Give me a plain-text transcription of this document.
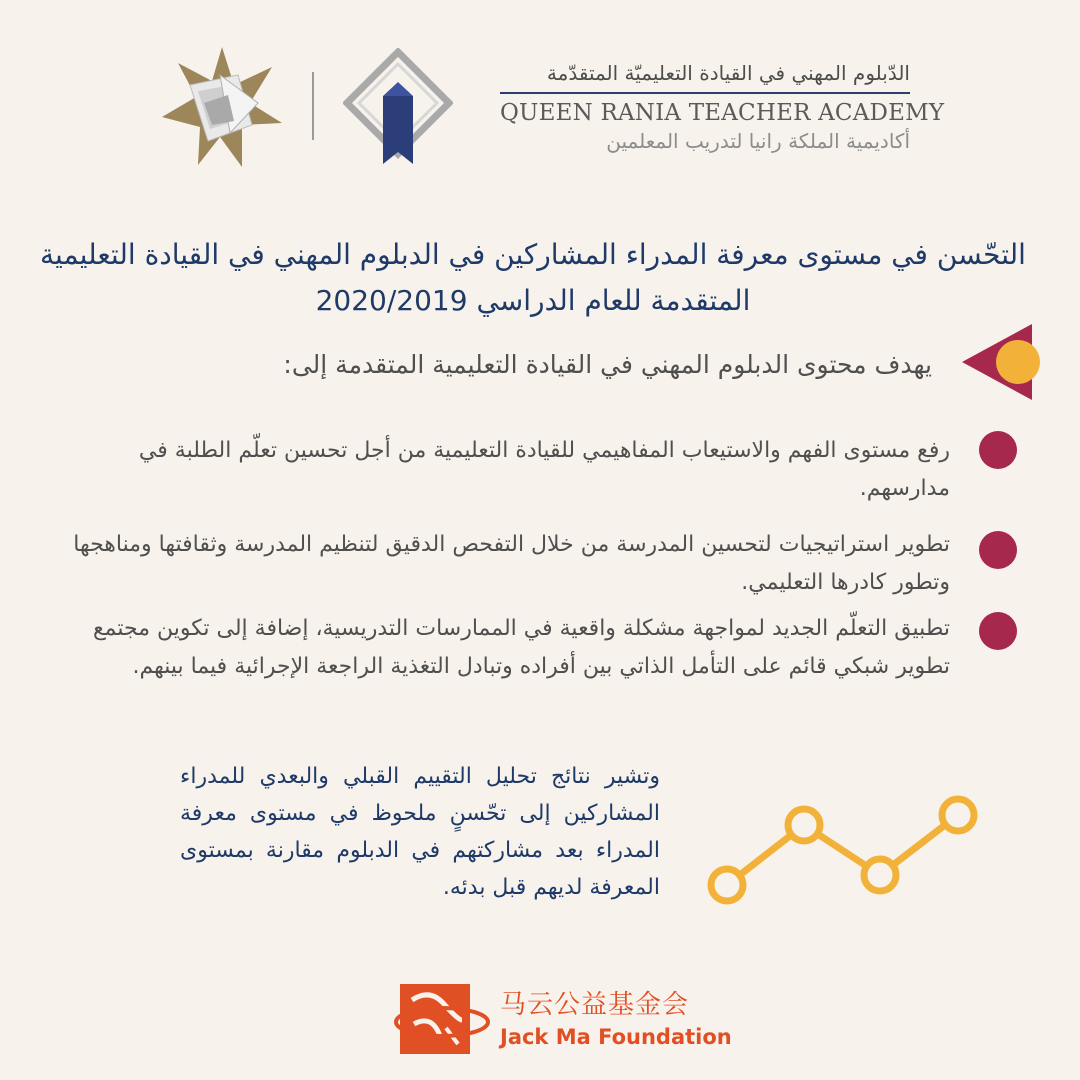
الدّبلوم المهني في القيادة التعليميّة المتقدّمة
QUEEN RANIA TEACHER ACADEMY
أكاديمية الملكة رانيا لتدريب المعلمين
التحّسن في مستوى معرفة المدراء المشاركين في الدبلوم المهني في القيادة التعليمية المتقدمة للعام الدراسي 2020/2019
يهدف محتوى الدبلوم المهني في القيادة التعليمية المتقدمة إلى:
رفع مستوى الفهم والاستيعاب المفاهيمي للقيادة التعليمية من أجل تحسين تعلّم الطلبة في مدارسهم.
تطوير استراتيجيات لتحسين المدرسة من خلال التفحص الدقيق لتنظيم المدرسة وثقافتها ومناهجها وتطور كادرها التعليمي.
تطبيق التعلّم الجديد لمواجهة مشكلة واقعية في الممارسات التدريسية، إضافة إلى تكوين مجتمع تطوير شبكي قائم على التأمل الذاتي بين أفراده وتبادل التغذية الراجعة الإجرائية فيما بينهم.
وتشير نتائج تحليل التقييم القبلي والبعدي للمدراء المشاركين إلى تحّسنٍ ملحوظ في مستوى معرفة المدراء بعد مشاركتهم في الدبلوم مقارنة بمستوى المعرفة لديهم قبل بدئه.
马云公益基金会
Jack Ma Foundation
